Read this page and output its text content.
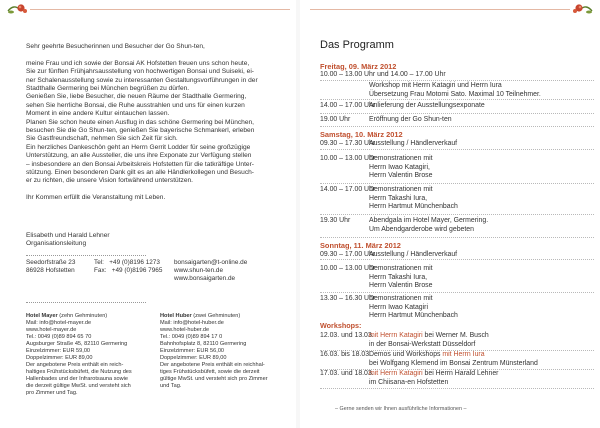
Sehr geehrte Besucherinnen und Besucher der Go Shun-ten,

meine Frau und ich sowie der Bonsai AK Hofstetten freuen uns schon heute,
Sie zur fünften Frühjahrsausstellung von hochwertigen Bonsai und Suiseki, ei-
ner Schalenausstellung sowie zu interessanten Gestaltungsvorführungen in der
Stadthalle Germering bei München begrüßen zu dürfen.
Genießen Sie, liebe Besucher, die neuen Räume der Stadthalle Germering,
sehen Sie herrliche Bonsai, die Ruhe ausstrahlen und uns für einen kurzen
Moment in eine andere Kultur eintauchen lassen.
Planen Sie schon heute einen Ausflug in das schöne Germering bei München,
besuchen Sie die Go Shun-ten, genießen Sie bayerische Schmankerl, erleben
Sie Gastfreundschaft, nehmen Sie sich Zeit für sich.
Ein herzliches Dankeschön geht an Herrn Gerrit Lodder für seine großzügige
Unterstützung, an alle Aussteller, die uns ihre Exponate zur Verfügung stellen
– insbesondere an den Bonsai Arbeitskreis Hofstetten für die tatkräftige Unter-
stützung. Einen besonderen Dank gilt es an alle Händlerkollegen und Besuch-
er zu richten, die unsere Vision fortwährend unterstützen.

Ihr Kommen erfüllt die Veranstaltung mit Leben.

Elisabeth und Harald Lehner
Organisationsleitung
Seedorfstraße 23
86928 Hofstetten
Tel: +49 (0)8196 1273
Fax: +49 (0)8196 7965
bonsaigarten@t-online.de
www.shun-ten.de
www.bonsaigarten.de
Hotel Mayer (zehn Gehminuten)
Mail: info@hotel-mayer.de
www.hotel-mayer.de
Tel.: 0049 (0)89 894 65 70
Augsburger Straße 45, 82110 Germering
Einzelzimmer: EUR 59,00
Doppelzimmer: EUR 89,00
Der angebotene Preis enthält ein reich-
haltiges Frühstücksbüfett, die Nutzung des
Hallenbades und der Infrarotsauna sowie
die derzeit gültige MwSt. und versteht sich
pro Zimmer und Tag.
Hotel Huber (zwei Gehminuten)
Mail: info@hotel-huber.de
www.hotel-huber.de
Tel.: 0049 (0)89 894 17 0
Bahnhofsplatz 8, 82110 Germering
Einzelzimmer: EUR 56,00
Doppelzimmer: EUR 89,00
Der angebotene Preis enthält ein reichhal-
tiges Frühstücksbüfett, sowie die derzeit
gültige MwSt. und versteht sich pro Zimmer
und Tag.
Das Programm
Freitag, 09. März 2012
10.00 – 13.00 Uhr und 14.00 – 17.00 Uhr
Workshop mit Herrn Katagiri und Herrn Iura
Übersetzung Frau Motomi Sato. Maximal 10 Teilnehmer.
14.00 – 17.00 Uhr
Anlieferung der Ausstellungsexponate
19.00 Uhr	Eröffnung der Go Shun-ten
Samstag, 10. März 2012
09.30 – 17.30 Uhr
Ausstellung / Händlerverkauf
10.00 – 13.00 Uhr
Demonstrationen mit
Herrn Iwao Katagiri,
Herrn Valentin Brose
14.00 – 17.00 Uhr
Demonstrationen mit
Herrn Takashi Iura,
Herrn Hartmut Münchenbach
19.30 Uhr	Abendgala im Hotel Mayer, Germering.
Um Abendgarderobe wird gebeten
Sonntag, 11. März 2012
09.30 – 17.00 Uhr
Ausstellung / Händlerverkauf
10.00 – 13.00 Uhr
Demonstrationen mit
Herrn Takashi Iura,
Herrn Valentin Brose
13.30 – 16.30 Uhr
Demonstrationen mit
Herrn Iwao Katagiri
Herrn Hartmut Münchenbach
Workshops:
12.03. und 13.03.
mit Herrn Katagiri bei Werner M. Busch
in der Bonsai-Werkstatt Düsseldorf
16.03. bis 18.03.
Demos und Workshops mit Herrn Iura
bei Wolfgang Klemend im Bonsai Zentrum Münsterland
17.03. und 18.03.
mit Herrn Katagiri bei Herrn Harald Lehner
im Chiisana-en Hofstetten
– Gerne senden wir Ihnen ausführliche Informationen –
